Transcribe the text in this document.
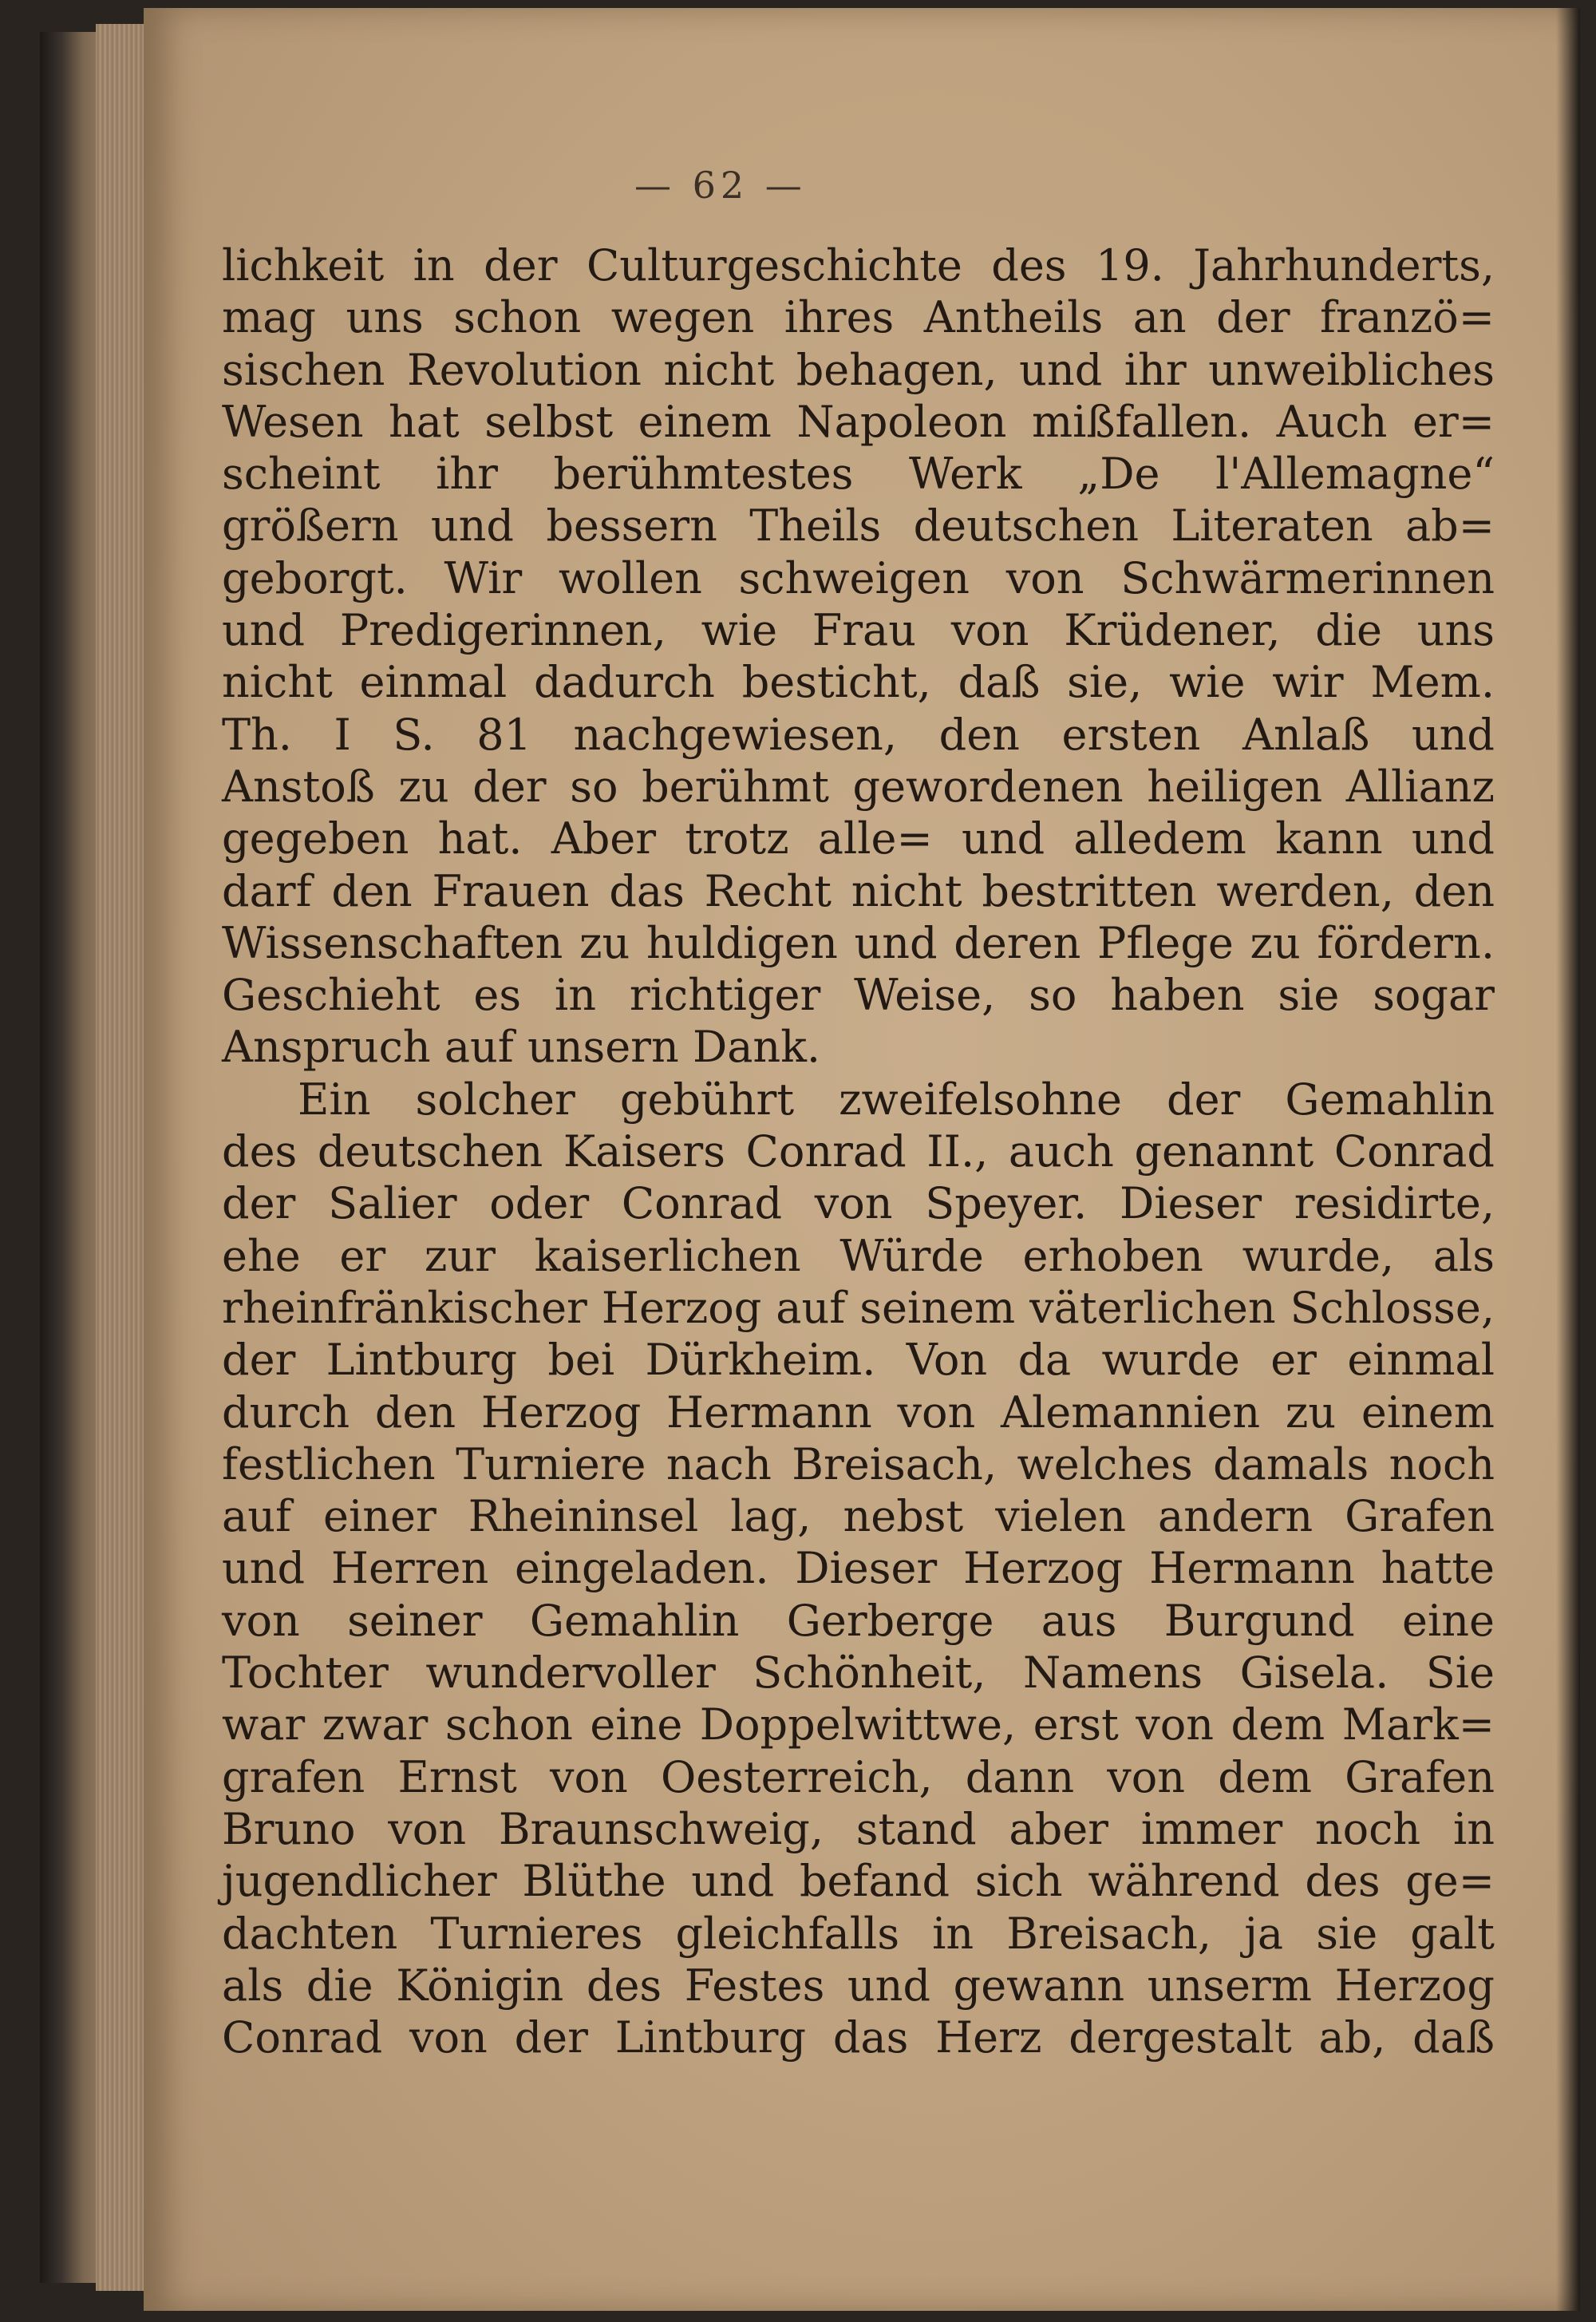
— 62 —
lichkeit in der Culturgeschichte des 19. Jahrhunderts,
mag uns schon wegen ihres Antheils an der franzö=
sischen Revolution nicht behagen, und ihr unweibliches
Wesen hat selbst einem Napoleon mißfallen. Auch er=
scheint ihr berühmtestes Werk „De l'Allemagne“
größern und bessern Theils deutschen Literaten ab=
geborgt. Wir wollen schweigen von Schwärmerinnen
und Predigerinnen, wie Frau von Krüdener, die uns
nicht einmal dadurch besticht, daß sie, wie wir Mem.
Th. I S. 81 nachgewiesen, den ersten Anlaß und
Anstoß zu der so berühmt gewordenen heiligen Allianz
gegeben hat. Aber trotz alle= und alledem kann und
darf den Frauen das Recht nicht bestritten werden, den
Wissenschaften zu huldigen und deren Pflege zu fördern.
Geschieht es in richtiger Weise, so haben sie sogar
Anspruch auf unsern Dank.
Ein solcher gebührt zweifelsohne der Gemahlin
des deutschen Kaisers Conrad II., auch genannt Conrad
der Salier oder Conrad von Speyer. Dieser residirte,
ehe er zur kaiserlichen Würde erhoben wurde, als
rheinfränkischer Herzog auf seinem väterlichen Schlosse,
der Lintburg bei Dürkheim. Von da wurde er einmal
durch den Herzog Hermann von Alemannien zu einem
festlichen Turniere nach Breisach, welches damals noch
auf einer Rheininsel lag, nebst vielen andern Grafen
und Herren eingeladen. Dieser Herzog Hermann hatte
von seiner Gemahlin Gerberge aus Burgund eine
Tochter wundervoller Schönheit, Namens Gisela. Sie
war zwar schon eine Doppelwittwe, erst von dem Mark=
grafen Ernst von Oesterreich, dann von dem Grafen
Bruno von Braunschweig, stand aber immer noch in
jugendlicher Blüthe und befand sich während des ge=
dachten Turnieres gleichfalls in Breisach, ja sie galt
als die Königin des Festes und gewann unserm Herzog
Conrad von der Lintburg das Herz dergestalt ab, daß
